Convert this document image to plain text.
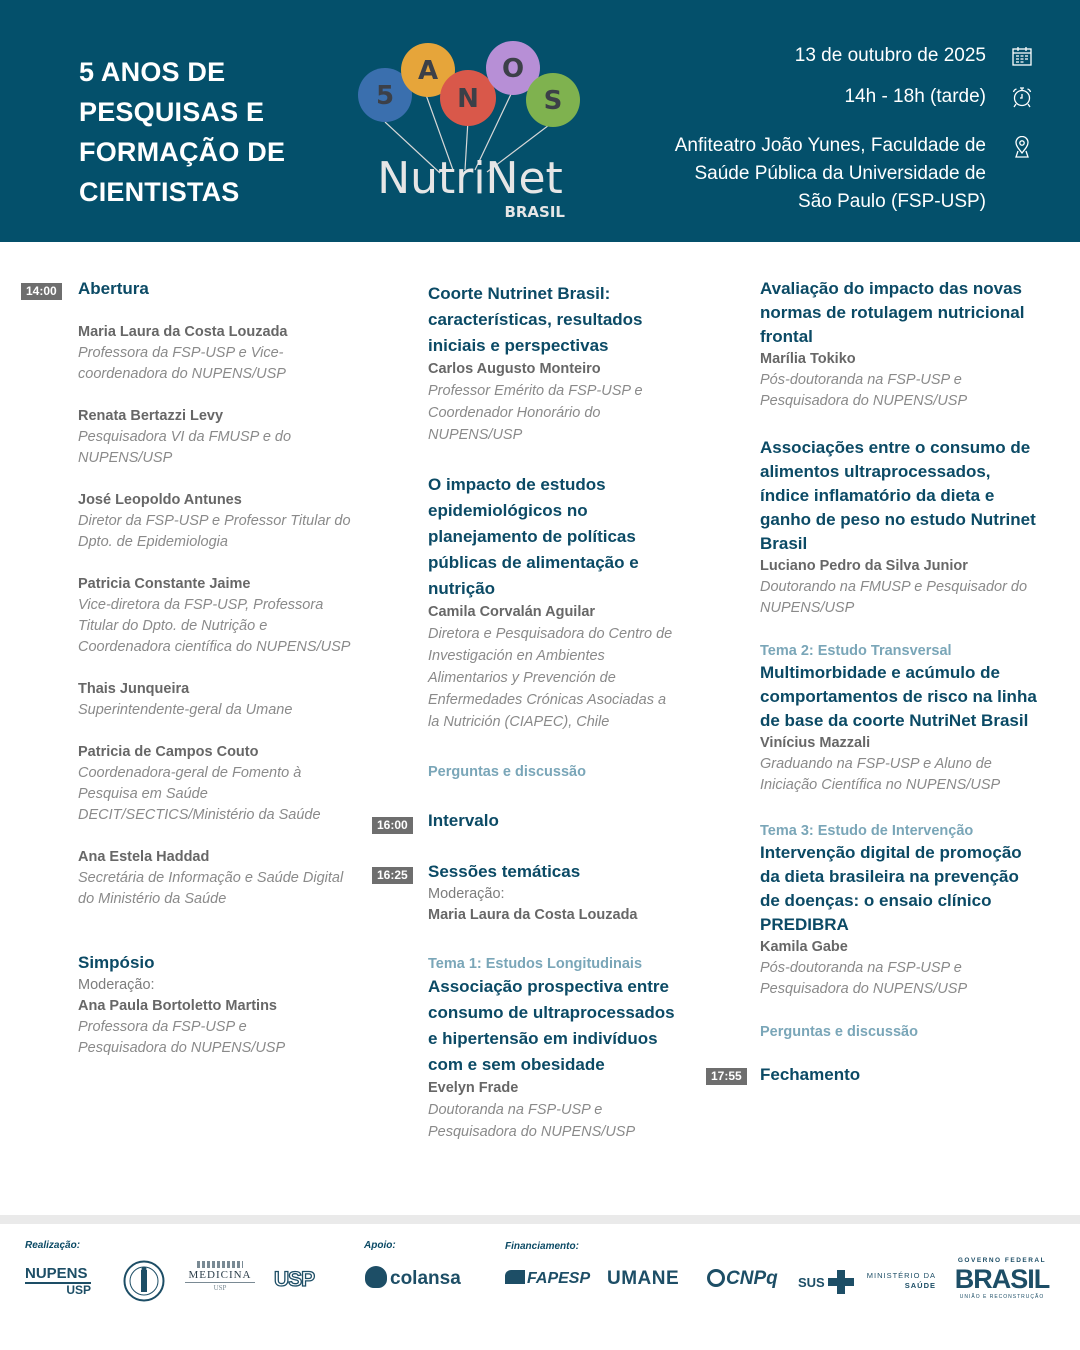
5 ANOS DE PESQUISAS E FORMAÇÃO DE CIENTISTAS
5
A
N
O
S
NutriNet
BRASIL
13 de outubro de 2025
14h - 18h (tarde)
Anfiteatro João Yunes, Faculdade de
Saúde Pública da Universidade de
São Paulo (FSP-USP)
14:00 Abertura
Maria Laura da Costa Louzada
Professora da FSP-USP e Vice-
coordenadora do NUPENS/USP
Renata Bertazzi Levy
Pesquisadora VI da FMUSP e do
NUPENS/USP
José Leopoldo Antunes
Diretor da FSP-USP e Professor Titular do
Dpto. de Epidemiologia
Patricia Constante Jaime
Vice-diretora da FSP-USP, Professora
Titular do Dpto. de Nutrição e
Coordenadora científica do NUPENS/USP
Thais Junqueira
Superintendente-geral da Umane
Patricia de Campos Couto
Coordenadora-geral de Fomento à
Pesquisa em Saúde
DECIT/SECTICS/Ministério da Saúde
Ana Estela Haddad
Secretária de Informação e Saúde Digital
do Ministério da Saúde
Simpósio
Moderação:
Ana Paula Bortoletto Martins
Professora da FSP-USP e
Pesquisadora do NUPENS/USP
Coorte Nutrinet Brasil:
características, resultados
iniciais e perspectivas
Carlos Augusto Monteiro
Professor Emérito da FSP-USP e
Coordenador Honorário do
NUPENS/USP
O impacto de estudos
epidemiológicos no
planejamento de políticas
públicas de alimentação e
nutrição
Camila Corvalán Aguilar
Diretora e Pesquisadora do Centro de
Investigación en Ambientes
Alimentarios y Prevención de
Enfermedades Crónicas Asociadas a
la Nutrición (CIAPEC), Chile
Perguntas e discussão
16:00 Intervalo
16:25 Sessões temáticas
Moderação:
Maria Laura da Costa Louzada
Tema 1: Estudos Longitudinais
Associação prospectiva entre
consumo de ultraprocessados
e hipertensão em indivíduos
com e sem obesidade
Evelyn Frade
Doutoranda na FSP-USP e
Pesquisadora do NUPENS/USP
Avaliação do impacto das novas
normas de rotulagem nutricional
frontal
Marília Tokiko
Pós-doutoranda na FSP-USP e
Pesquisadora do NUPENS/USP
Associações entre o consumo de
alimentos ultraprocessados,
índice inflamatório da dieta e
ganho de peso no estudo Nutrinet
Brasil
Luciano Pedro da Silva Junior
Doutorando na FMUSP e Pesquisador do
NUPENS/USP
Tema 2: Estudo Transversal
Multimorbidade e acúmulo de
comportamentos de risco na linha
de base da coorte NutriNet Brasil
Vinícius Mazzali
Graduando na FSP-USP e Aluno de
Iniciação Científica no NUPENS/USP
Tema 3: Estudo de Intervenção
Intervenção digital de promoção
da dieta brasileira na prevenção
de doenças: o ensaio clínico
PREDIBRA
Kamila Gabe
Pós-doutoranda na FSP-USP e
Pesquisadora do NUPENS/USP
Perguntas e discussão
17:55 Fechamento
Realização:	Apoio:	Financiamento:
NUPENS
USP
MEDICINA
USP	USP	colansa	FAPESP UMANE	CNPq SUS	MINISTÉRIO DA
SAÚDE
GOVERNO FEDERAL
BRASIL
UNIÃO E RECONSTRUÇÃO
